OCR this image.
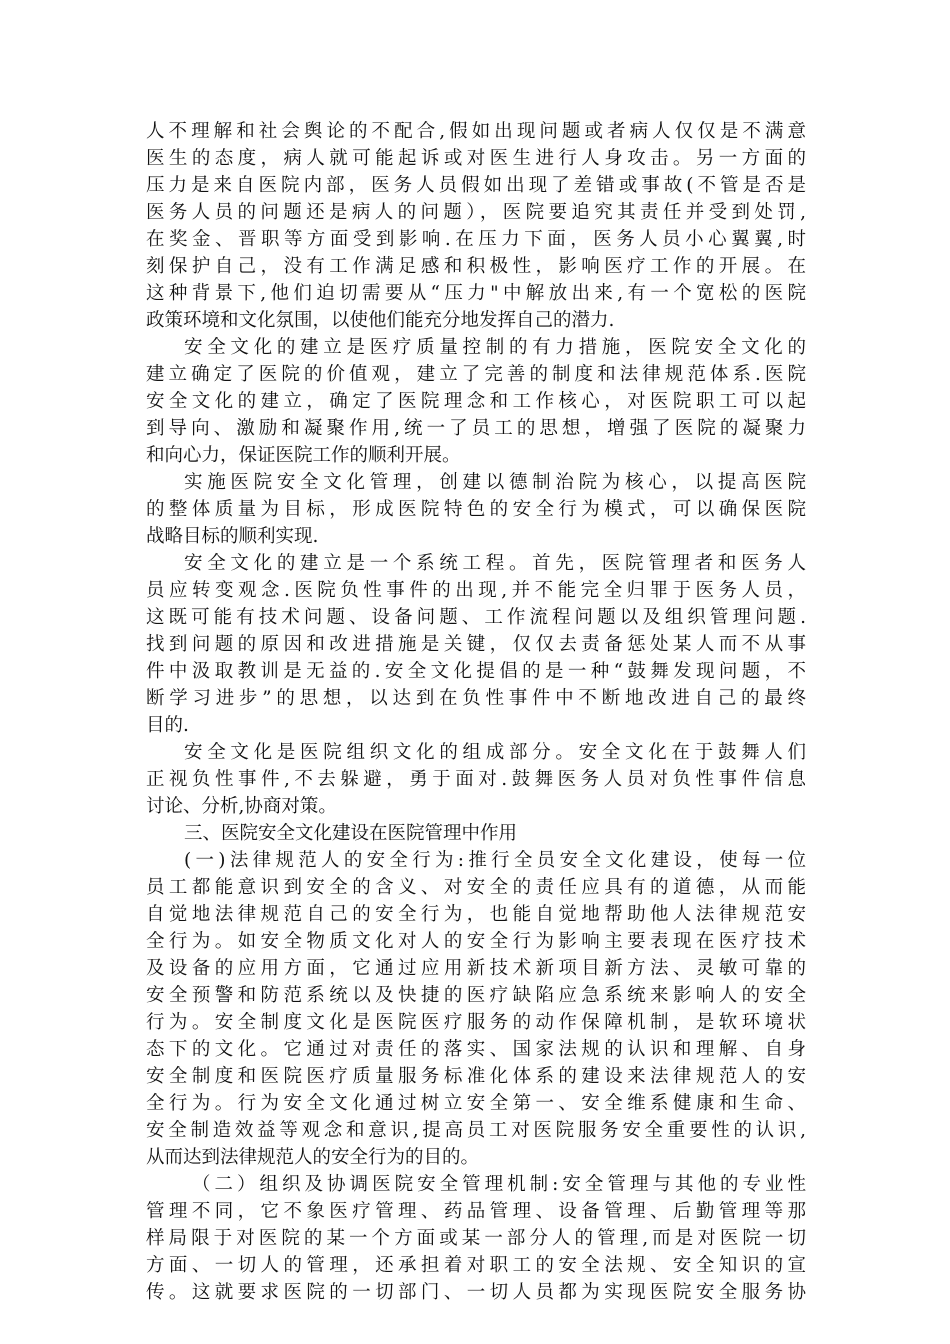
人不理解和社会舆论的不配合,假如出现问题或者病人仅仅是不满意
医生的态度，病人就可能起诉或对医生进行人身攻击。另一方面的
压力是来自医院内部，医务人员假如出现了差错或事故(不管是否是
医务人员的问题还是病人的问题），医院要追究其责任并受到处罚,
在奖金、晋职等方面受到影响.在压力下面，医务人员小心翼翼,时
刻保护自己，没有工作满足感和积极性，影响医疗工作的开展。在
这种背景下,他们迫切需要从“压力"中解放出来,有一个宽松的医院
政策环境和文化氛围，以使他们能充分地发挥自己的潜力.
安全文化的建立是医疗质量控制的有力措施，医院安全文化的
建立确定了医院的价值观，建立了完善的制度和法律规范体系.医院
安全文化的建立，确定了医院理念和工作核心，对医院职工可以起
到导向、激励和凝聚作用,统一了员工的思想，增强了医院的凝聚力
和向心力，保证医院工作的顺利开展。
实施医院安全文化管理，创建以德制治院为核心，以提高医院
的整体质量为目标，形成医院特色的安全行为模式，可以确保医院
战略目标的顺利实现.
安全文化的建立是一个系统工程。首先，医院管理者和医务人
员应转变观念.医院负性事件的出现,并不能完全归罪于医务人员，
这既可能有技术问题、设备问题、工作流程问题以及组织管理问题.
找到问题的原因和改进措施是关键，仅仅去责备惩处某人而不从事
件中汲取教训是无益的.安全文化提倡的是一种“鼓舞发现问题，不
断学习进步”的思想，以达到在负性事件中不断地改进自己的最终
目的.
安全文化是医院组织文化的组成部分。安全文化在于鼓舞人们
正视负性事件,不去躲避，勇于面对.鼓舞医务人员对负性事件信息
讨论、分析,协商对策。
三、医院安全文化建设在医院管理中作用
(一)法律规范人的安全行为:推行全员安全文化建设，使每一位
员工都能意识到安全的含义、对安全的责任应具有的道德，从而能
自觉地法律规范自己的安全行为，也能自觉地帮助他人法律规范安
全行为。如安全物质文化对人的安全行为影响主要表现在医疗技术
及设备的应用方面，它通过应用新技术新项目新方法、灵敏可靠的
安全预警和防范系统以及快捷的医疗缺陷应急系统来影响人的安全
行为。安全制度文化是医院医疗服务的动作保障机制，是软环境状
态下的文化。它通过对责任的落实、国家法规的认识和理解、自身
安全制度和医院医疗质量服务标准化体系的建设来法律规范人的安
全行为。行为安全文化通过树立安全第一、安全维系健康和生命、
安全制造效益等观念和意识,提高员工对医院服务安全重要性的认识,
从而达到法律规范人的安全行为的目的。
（二）组织及协调医院安全管理机制:安全管理与其他的专业性
管理不同，它不象医疗管理、药品管理、设备管理、后勤管理等那
样局限于对医院的某一个方面或某一部分人的管理,而是对医院一切
方面、一切人的管理，还承担着对职工的安全法规、安全知识的宣
传。这就要求医院的一切部门、一切人员都为实现医院安全服务协
